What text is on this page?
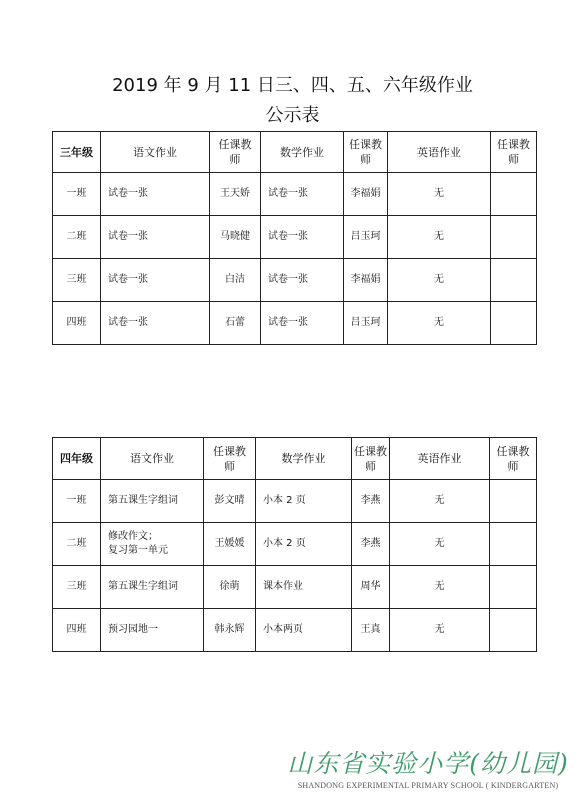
2019 年 9 月 11 日三、四、五、六年级作业
公示表
三年级	语文作业	任课教
师	数学作业	任课教
师	英语作业	任课教
师

一班	试卷一张	王天娇	试卷一张	李福娟	无	
二班	试卷一张	马晓健	试卷一张	吕玉珂	无	
三班	试卷一张	白洁	试卷一张	李福娟	无	
四班	试卷一张	石蕾	试卷一张	吕玉珂	无	
四年级	语文作业	任课教
师	数学作业	任课教
师	英语作业	任课教
师

一班	第五课生字组词	彭文晴	小本 2 页	李燕	无	
二班	修改作文；
复习第一单元	王媛媛	小本 2 页	李燕	无	
三班	第五课生字组词	徐萌	课本作业	周华	无	
四班	预习园地一	韩永辉	小本两页	王真	无	
山东省实验小学(幼儿园)
SHANDONG EXPERIMENTAL PRIMARY SCHOOL ( KINDERGARTEN)
